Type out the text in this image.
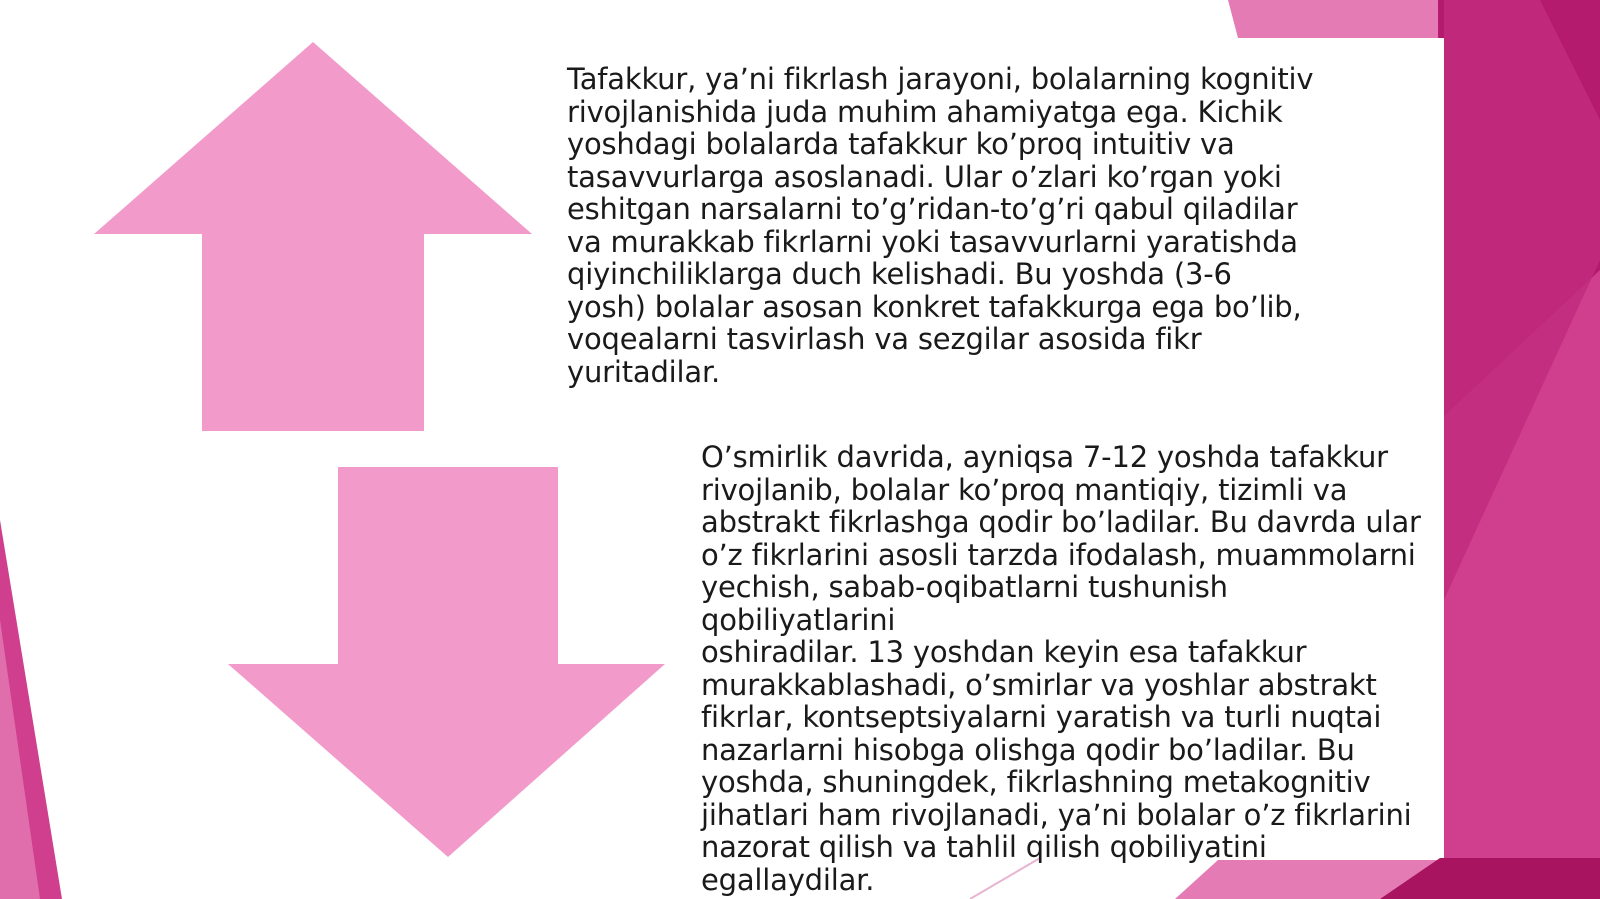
Tafakkur, ya’ni fikrlash jarayoni, bolalarning kognitiv
rivojlanishida juda muhim ahamiyatga ega. Kichik
yoshdagi bolalarda tafakkur ko’proq intuitiv va
tasavvurlarga asoslanadi. Ular o’zlari ko’rgan yoki
eshitgan narsalarni to’g’ridan-to’g’ri qabul qiladilar
va murakkab fikrlarni yoki tasavvurlarni yaratishda
qiyinchiliklarga duch kelishadi. Bu yoshda (3-6
yosh) bolalar asosan konkret tafakkurga ega bo’lib,
voqealarni tasvirlash va sezgilar asosida fikr
yuritadilar.

O’smirlik davrida, ayniqsa 7-12 yoshda tafakkur
rivojlanib, bolalar ko’proq mantiqiy, tizimli va
abstrakt fikrlashga qodir bo’ladilar. Bu davrda ular
o’z fikrlarini asosli tarzda ifodalash, muammolarni
yechish, sabab-oqibatlarni tushunish qobiliyatlarini
oshiradilar. 13 yoshdan keyin esa tafakkur
murakkablashadi, o’smirlar va yoshlar abstrakt
fikrlar, kontseptsiyalarni yaratish va turli nuqtai
nazarlarni hisobga olishga qodir bo’ladilar. Bu
yoshda, shuningdek, fikrlashning metakognitiv
jihatlari ham rivojlanadi, ya’ni bolalar o’z fikrlarini
nazorat qilish va tahlil qilish qobiliyatini
egallaydilar.
